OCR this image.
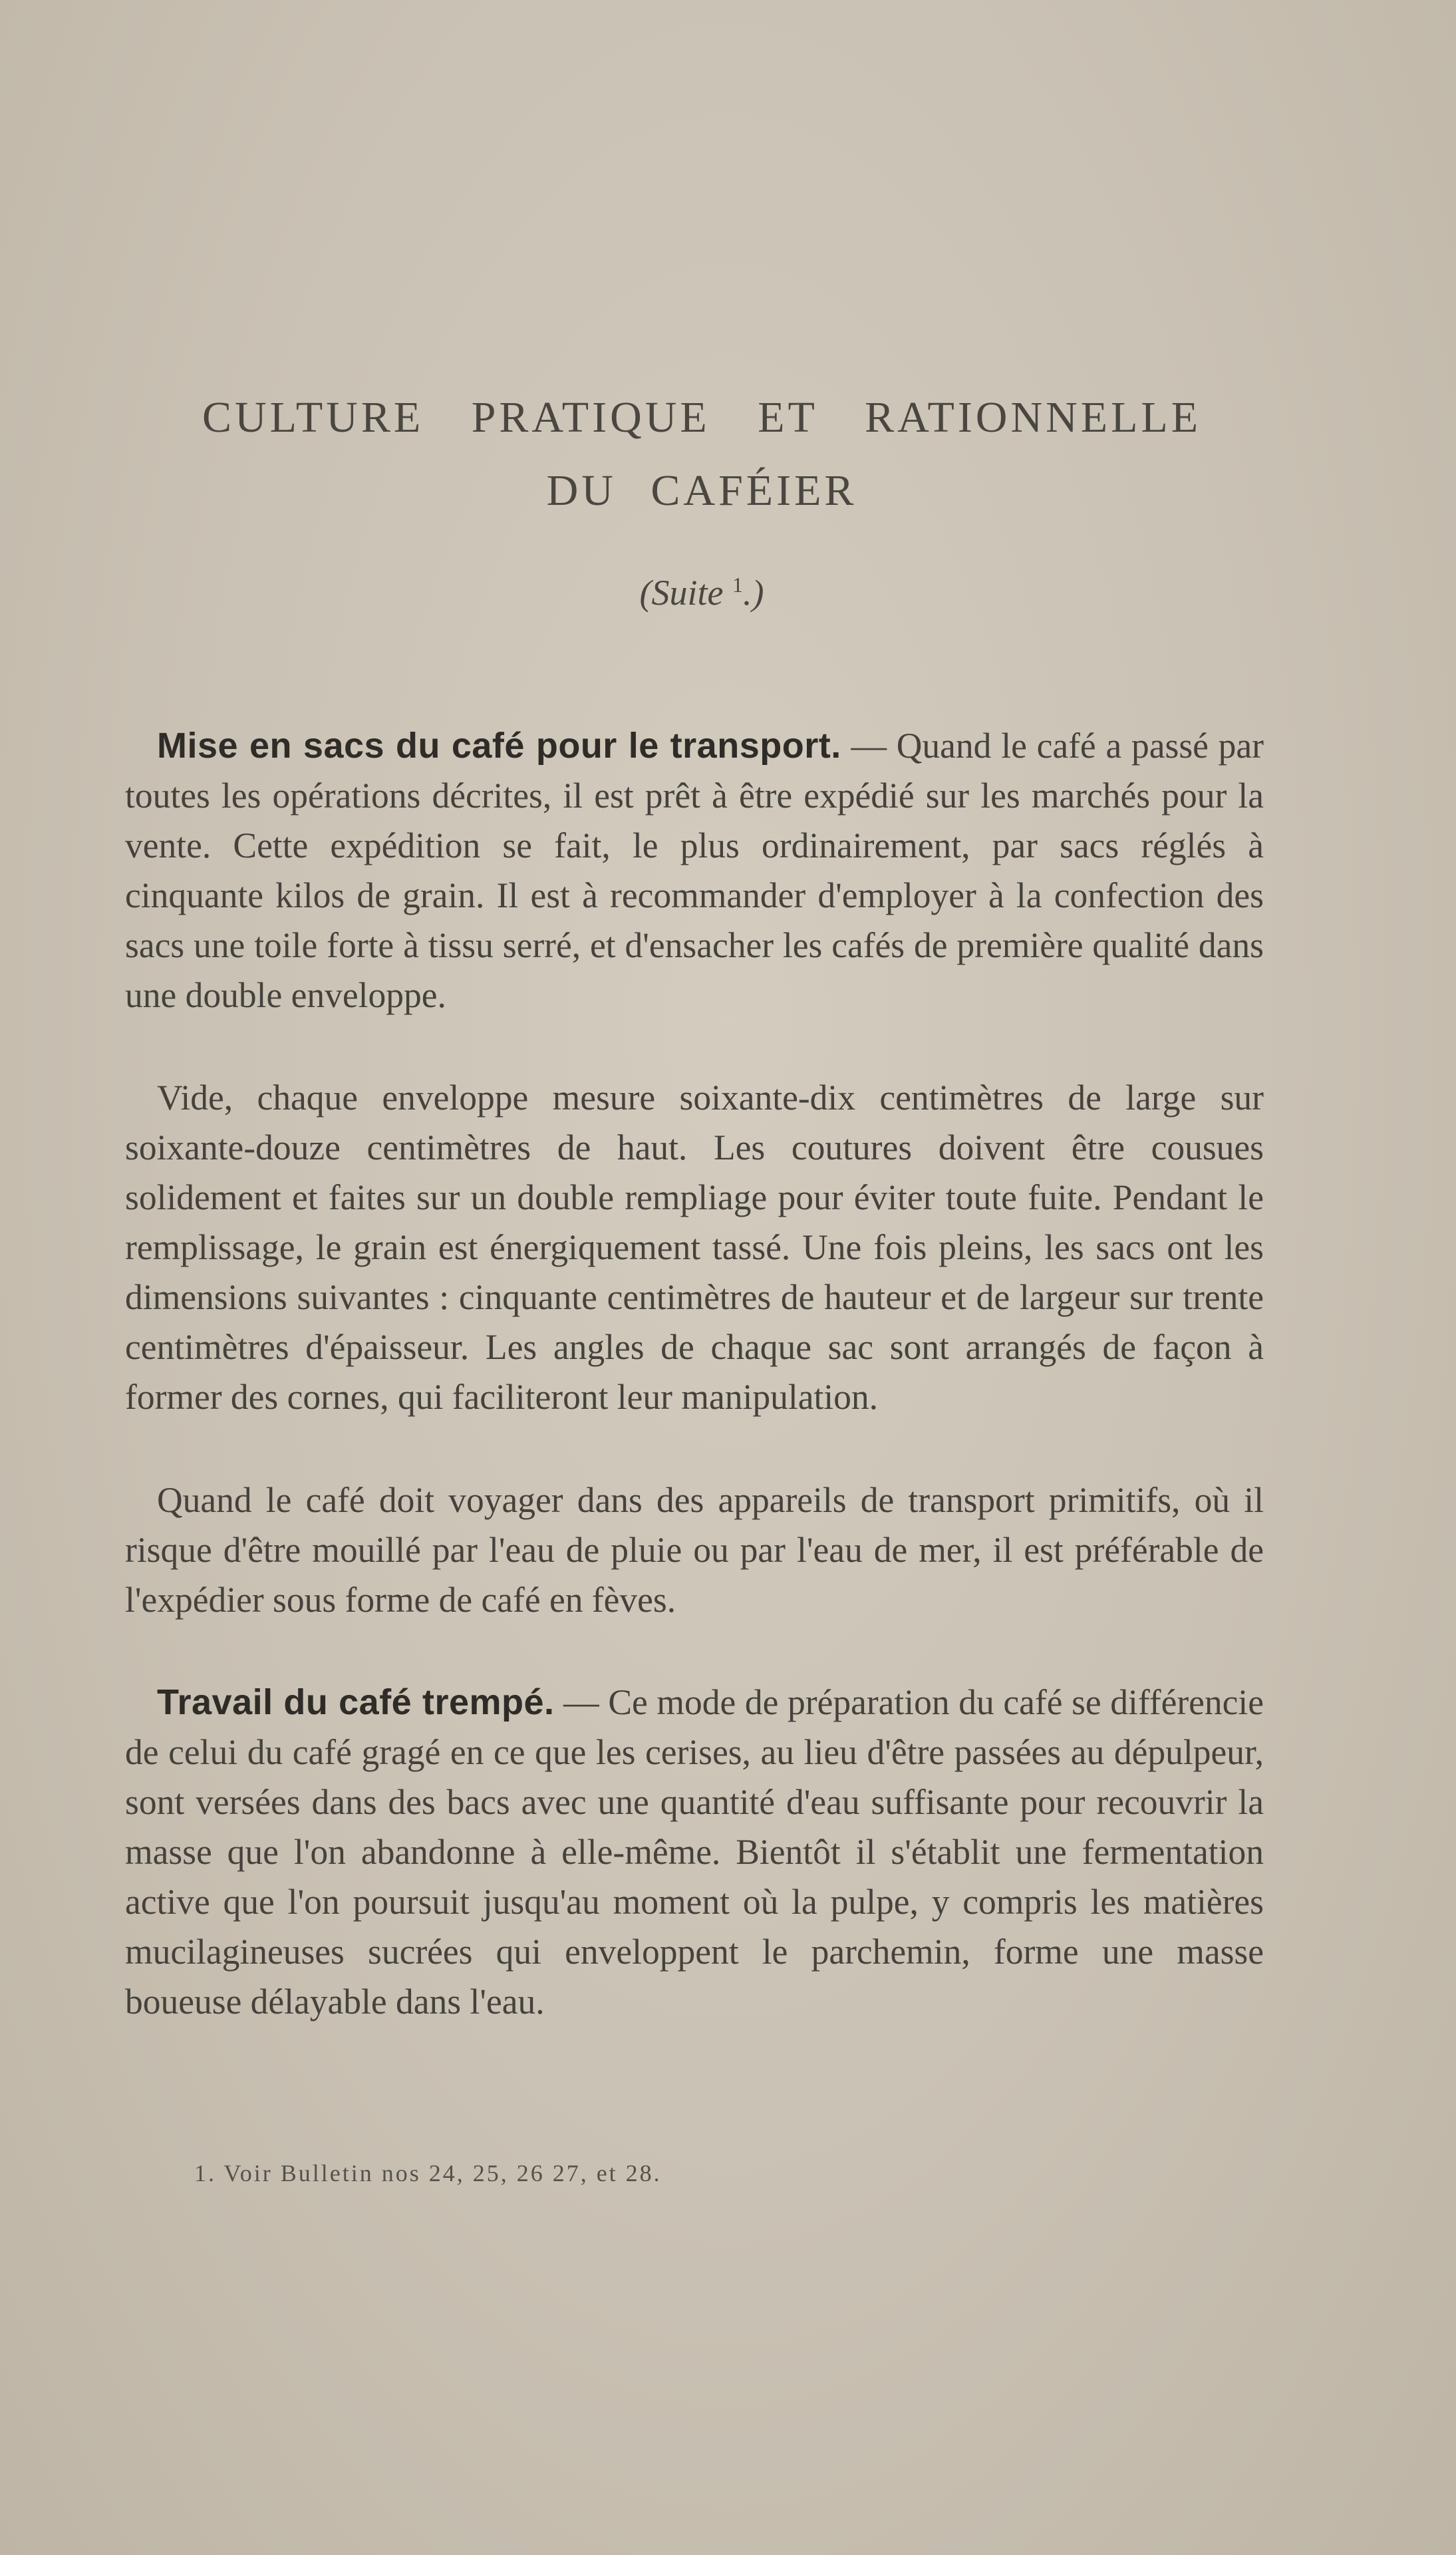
CULTURE PRATIQUE ET RATIONNELLE
DU CAFÉIER
(Suite $^1$.)

Mise en sacs du café pour le transport. — Quand le café a passé par toutes les opérations décrites, il est prêt à être expédié sur les marchés pour la vente. Cette expédition se fait, le plus ordinairement, par sacs réglés à cinquante kilos de grain. Il est à recommander d'employer à la confection des sacs une toile forte à tissu serré, et d'ensacher les cafés de première qualité dans une double enveloppe.

Vide, chaque enveloppe mesure soixante-dix centimètres de large sur soixante-douze centimètres de haut. Les coutures doivent être cousues solidement et faites sur un double rempliage pour éviter toute fuite. Pendant le remplissage, le grain est énergiquement tassé. Une fois pleins, les sacs ont les dimensions suivantes : cinquante centimètres de hauteur et de largeur sur trente centimètres d'épaisseur. Les angles de chaque sac sont arrangés de façon à former des cornes, qui faciliteront leur manipulation.

Quand le café doit voyager dans des appareils de transport primitifs, où il risque d'être mouillé par l'eau de pluie ou par l'eau de mer, il est préférable de l'expédier sous forme de café en fèves.

Travail du café trempé. — Ce mode de préparation du café se différencie de celui du café gragé en ce que les cerises, au lieu d'être passées au dépulpeur, sont versées dans des bacs avec une quantité d'eau suffisante pour recouvrir la masse que l'on abandonne à elle-même. Bientôt il s'établit une fermentation active que l'on poursuit jusqu'au moment où la pulpe, y compris les matières mucilagineuses sucrées qui enveloppent le parchemin, forme une masse boueuse délayable dans l'eau.

1. Voir Bulletin nos 24, 25, 26 27, et 28.
